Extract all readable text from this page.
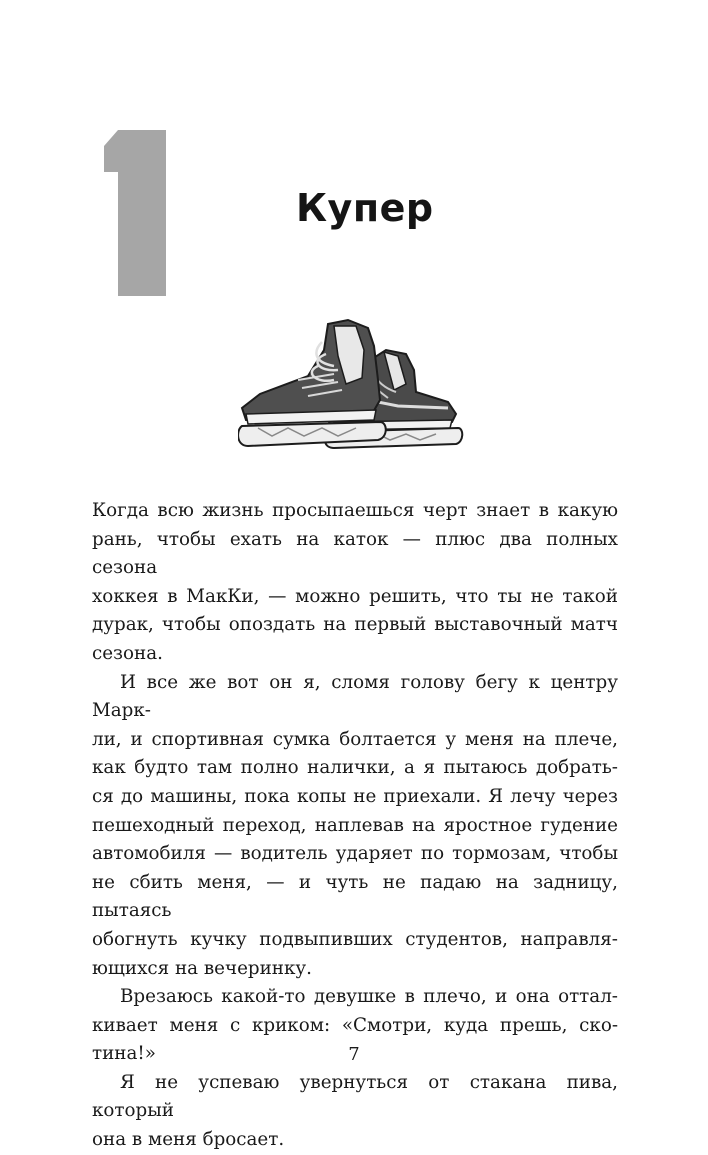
Купер

Когда всю жизнь просыпаешься черт знает в какую
рань, чтобы ехать на каток — плюс два полных сезона
хоккея в МакКи, — можно решить, что ты не такой
дурак, чтобы опоздать на первый выставочный матч
сезона.

И все же вот он я, сломя голову бегу к центру Марк-
ли, и спортивная сумка болтается у меня на плече,
как будто там полно налички, а я пытаюсь добрать-
ся до машины, пока копы не приехали. Я лечу через
пешеходный переход, наплевав на яростное гудение
автомобиля — водитель ударяет по тормозам, чтобы
не сбить меня, — и чуть не падаю на задницу, пытаясь
обогнуть кучку подвыпивших студентов, направля-
ющихся на вечеринку.

Врезаюсь какой-то девушке в плечо, и она оттал-
кивает меня с криком: «Смотри, куда прешь, ско-
тина!»

Я не успеваю увернуться от стакана пива, который
она в меня бросает.

7
